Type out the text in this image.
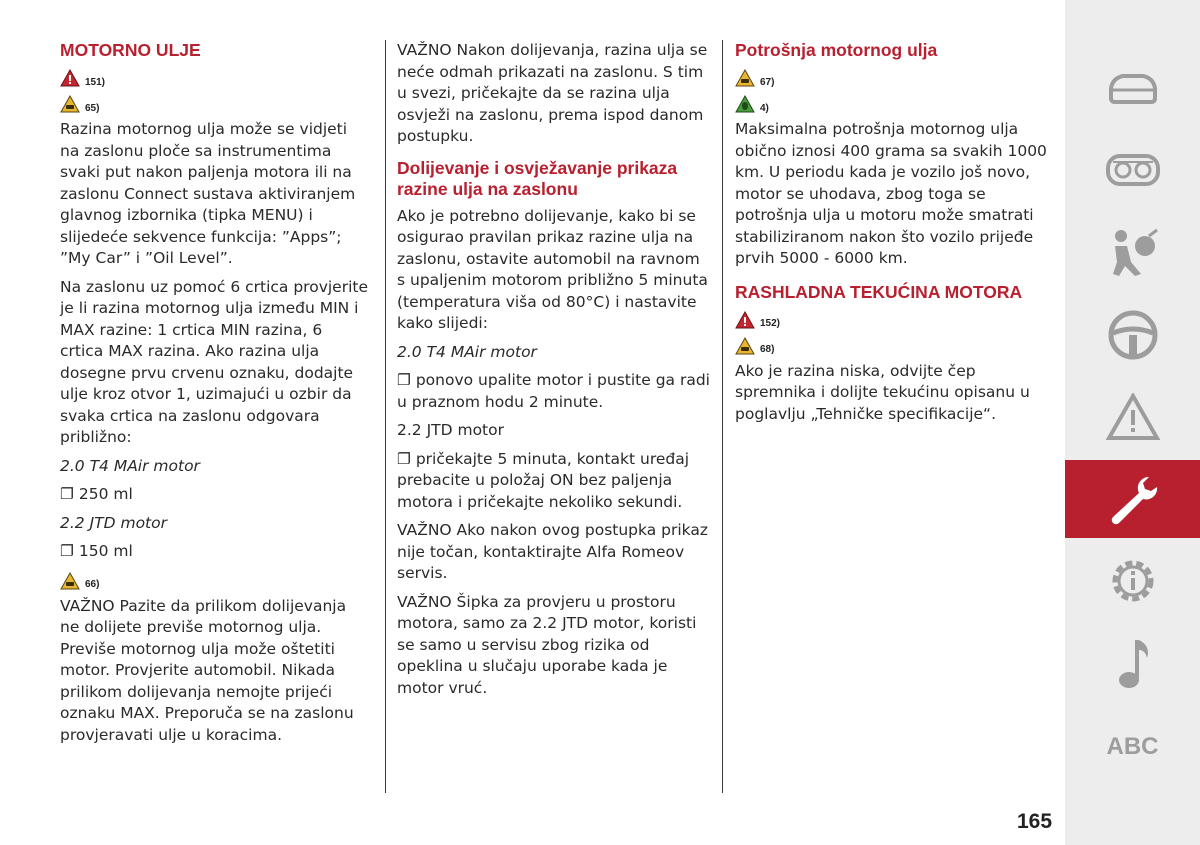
MOTORNO ULJE
151)
65)
Razina motornog ulja može se vidjeti na zaslonu ploče sa instrumentima svaki put nakon paljenja motora ili na zaslonu Connect sustava aktiviranjem glavnog izbornika (tipka MENU) i slijedeće sekvence funkcija: ”Apps”; ”My Car” i ”Oil Level”.
Na zaslonu uz pomoć 6 crtica provjerite je li razina motornog ulja između MIN i MAX razine: 1 crtica MIN razina, 6 crtica MAX razina. Ako razina ulja dosegne prvu crvenu oznaku, dodajte ulje kroz otvor 1, uzimajući u ozbir da svaka crtica na zaslonu odgovara približno:
2.0 T4 MAir motor
❐ 250 ml
2.2 JTD motor
❐ 150 ml
66)
VAŽNO Pazite da prilikom dolijevanja ne dolijete previše motornog ulja. Previše motornog ulja može oštetiti motor. Provjerite automobil. Nikada prilikom dolijevanja nemojte prijeći oznaku MAX. Preporuča se na zaslonu provjeravati ulje u koracima.
VAŽNO Nakon dolijevanja, razina ulja se neće odmah prikazati na zaslonu. S tim u svezi, pričekajte da se razina ulja osvježi na zaslonu, prema ispod danom postupku.
Dolijevanje i osvježavanje prikaza razine ulja na zaslonu
Ako je potrebno dolijevanje, kako bi se osigurao pravilan prikaz razine ulja na zaslonu, ostavite automobil na ravnom s upaljenim motorom približno 5 minuta (temperatura viša od 80°C) i nastavite kako slijedi:
2.0 T4 MAir motor
❐ ponovo upalite motor i pustite ga radi u praznom hodu 2 minute.
2.2 JTD motor
❐ pričekajte 5 minuta, kontakt uređaj prebacite u položaj ON bez paljenja motora i pričekajte nekoliko sekundi.
VAŽNO Ako nakon ovog postupka prikaz nije točan, kontaktirajte Alfa Romeov servis.
VAŽNO Šipka za provjeru u prostoru motora, samo za 2.2 JTD motor, koristi se samo u servisu zbog rizika od opeklina u slučaju uporabe kada je motor vruć.
Potrošnja motornog ulja
67)
4)
Maksimalna potrošnja motornog ulja obično iznosi 400 grama sa svakih 1000 km. U periodu kada je vozilo još novo, motor se uhodava, zbog toga se potrošnja ulja u motoru može smatrati stabiliziranom nakon što vozilo prijeđe prvih 5000 - 6000 km.
RASHLADNA TEKUĆINA MOTORA
152)
68)
Ako je razina niska, odvijte čep spremnika i dolijte tekućinu opisanu u poglavlju „Tehničke specifikacije“.
165
ABC
